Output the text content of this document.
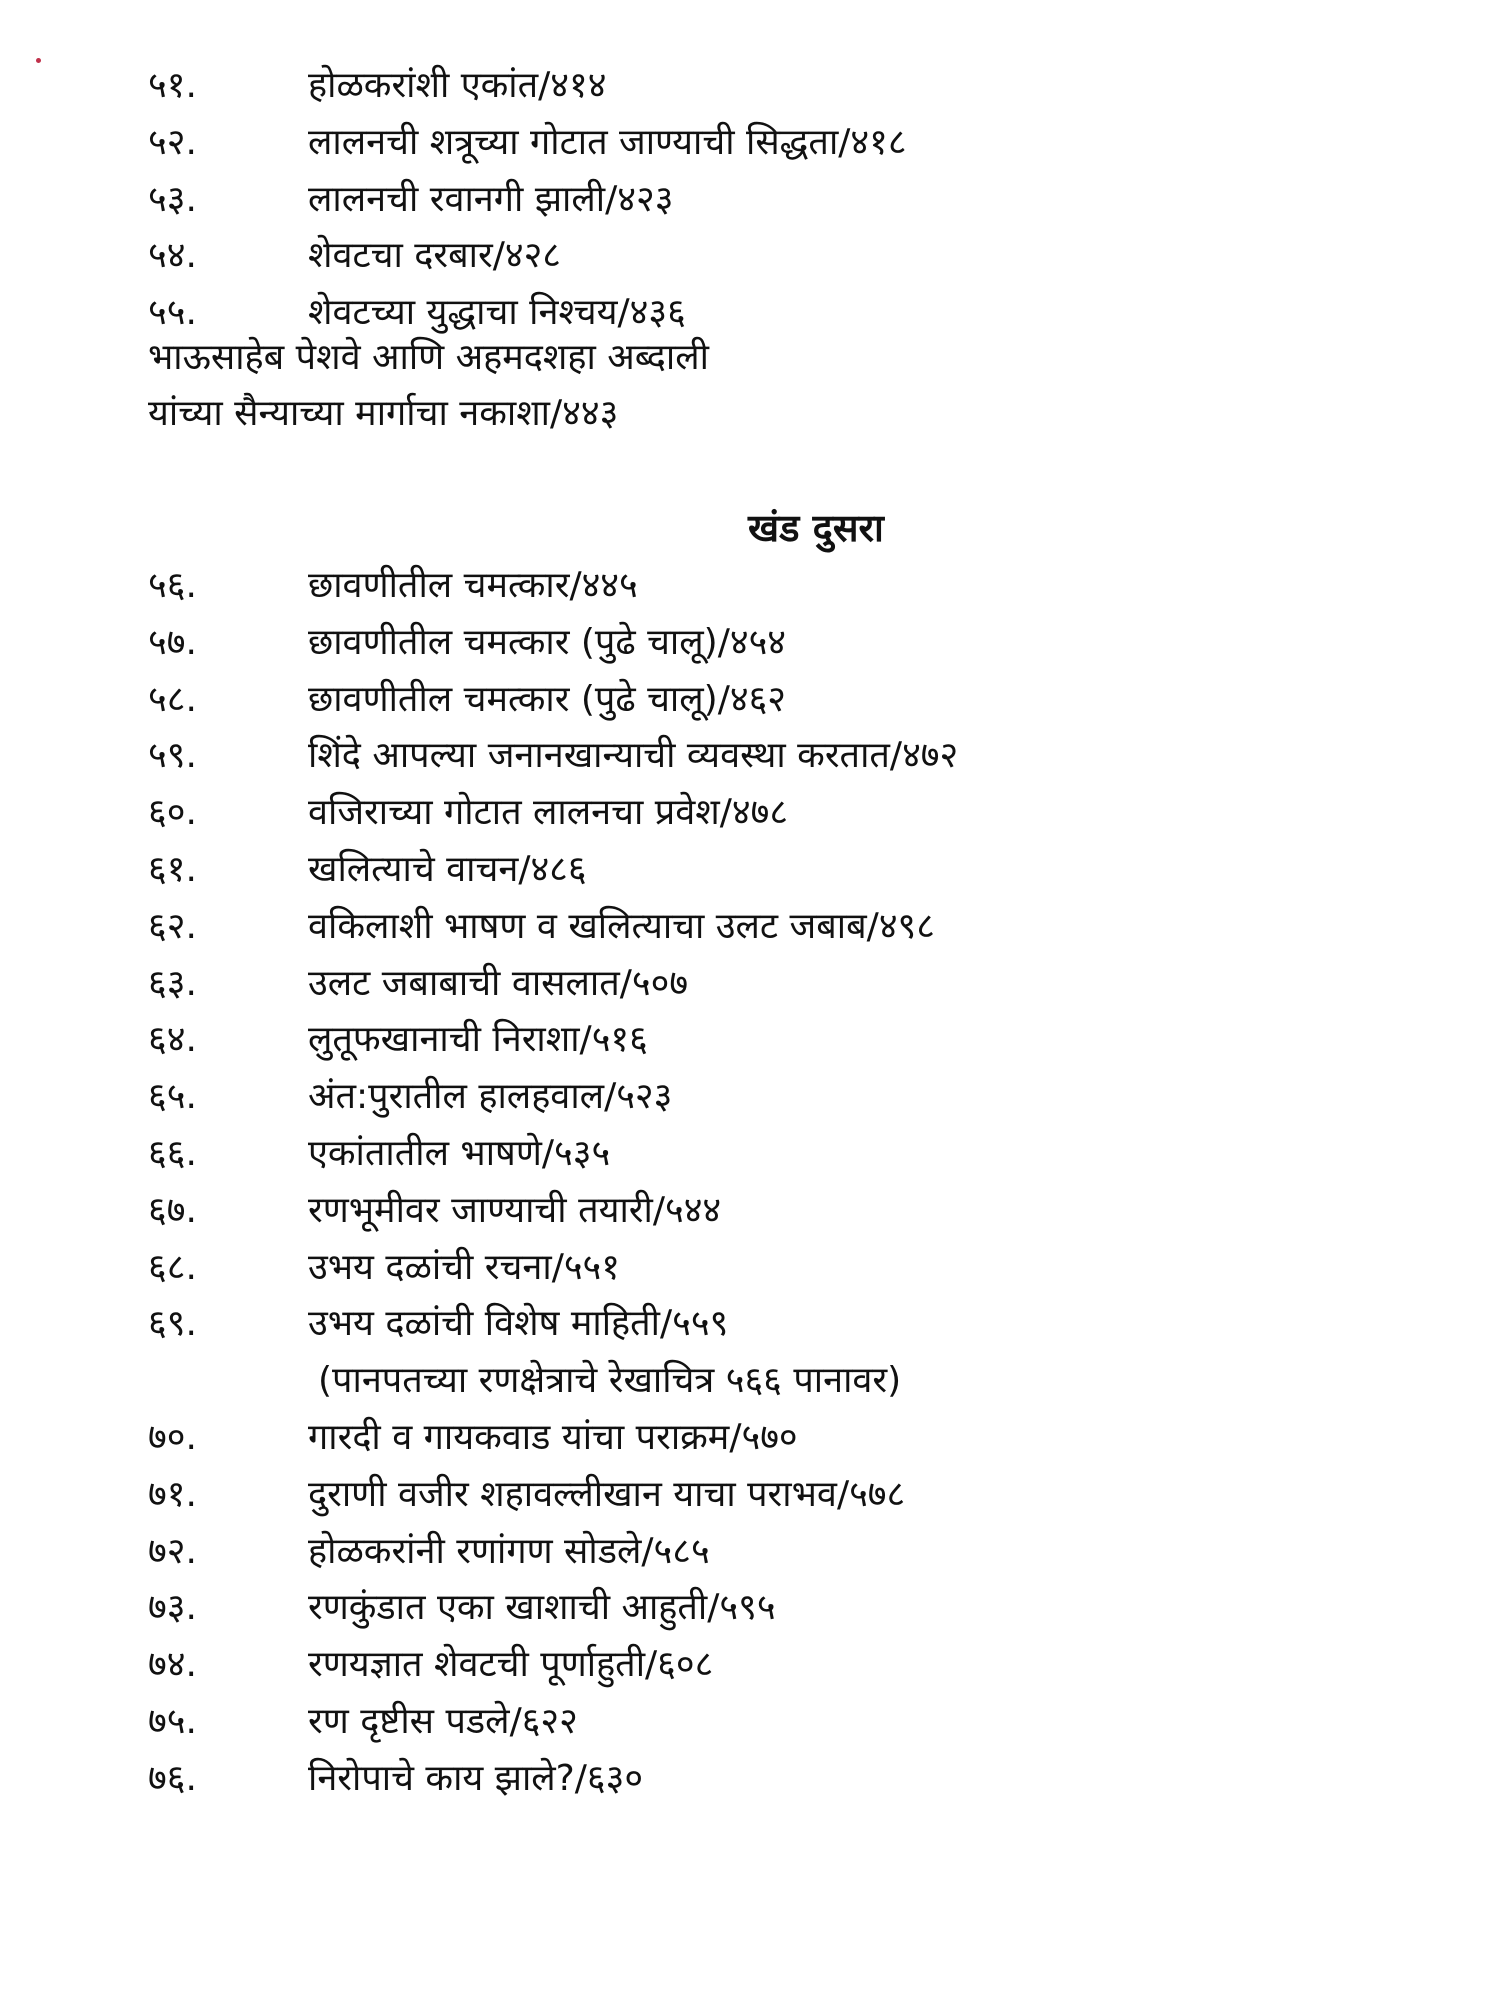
५१.	होळकरांशी एकांत/४१४
५२.	लालनची शत्रूच्या गोटात जाण्याची सिद्धता/४१८
५३.	लालनची रवानगी झाली/४२३
५४.	शेवटचा दरबार/४२८
५५.	शेवटच्या युद्धाचा निश्चय/४३६
भाऊसाहेब पेशवे आणि अहमदशहा अब्दाली
यांच्या सैन्याच्या मार्गाचा नकाशा/४४३
खंड दुसरा
५६.	छावणीतील चमत्कार/४४५
५७.	छावणीतील चमत्कार (पुढे चालू)/४५४
५८.	छावणीतील चमत्कार (पुढे चालू)/४६२
५९.	शिंदे आपल्या जनानखान्याची व्यवस्था करतात/४७२
६०.	वजिराच्या गोटात लालनचा प्रवेश/४७८
६१.	खलित्याचे वाचन/४८६
६२.	वकिलाशी भाषण व खलित्याचा उलट जबाब/४९८
६३.	उलट जबाबाची वासलात/५०७
६४.	लुतूफखानाची निराशा/५१६
६५.	अंत:पुरातील हालहवाल/५२३
६६.	एकांतातील भाषणे/५३५
६७.	रणभूमीवर जाण्याची तयारी/५४४
६८.	उभय दळांची रचना/५५१
६९.	उभय दळांची विशेष माहिती/५५९
(पानपतच्या रणक्षेत्राचे रेखाचित्र ५६६ पानावर)
७०.	गारदी व गायकवाड यांचा पराक्रम/५७०
७१.	दुराणी वजीर शहावल्लीखान याचा पराभव/५७८
७२.	होळकरांनी रणांगण सोडले/५८५
७३.	रणकुंडात एका खाशाची आहुती/५९५
७४.	रणयज्ञात शेवटची पूर्णाहुती/६०८
७५.	रण दृष्टीस पडले/६२२
७६.	निरोपाचे काय झाले?/६३०
